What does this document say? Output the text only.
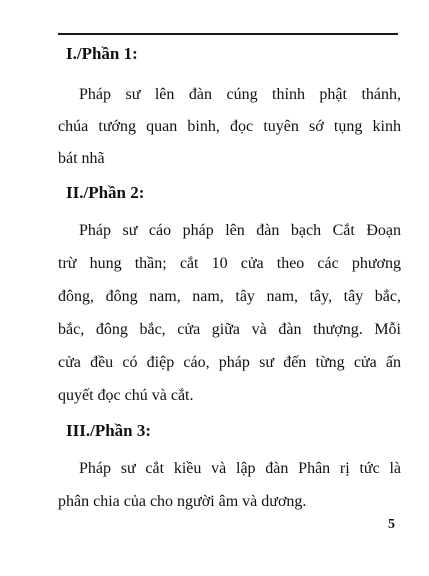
I./Phần 1:
Pháp sư lên đàn cúng thỉnh phật thánh,
chúa tướng quan binh, đọc tuyên sớ tụng kinh
bát nhã
II./Phần 2:
Pháp sư cáo pháp lên đàn bạch Cắt Đoạn
trừ hung thần; cắt 10 cửa theo các phương
đông, đông nam, nam, tây nam, tây, tây bắc,
bắc, đông bắc, cửa giữa và đàn thượng. Mỗi
cửa đều có điệp cáo, pháp sư đến từng cửa ấn
quyết đọc chú và cắt.
III./Phần 3:
Pháp sư cắt kiều và lập đàn Phân rị tức là
phân chia của cho người âm và dương.
5
